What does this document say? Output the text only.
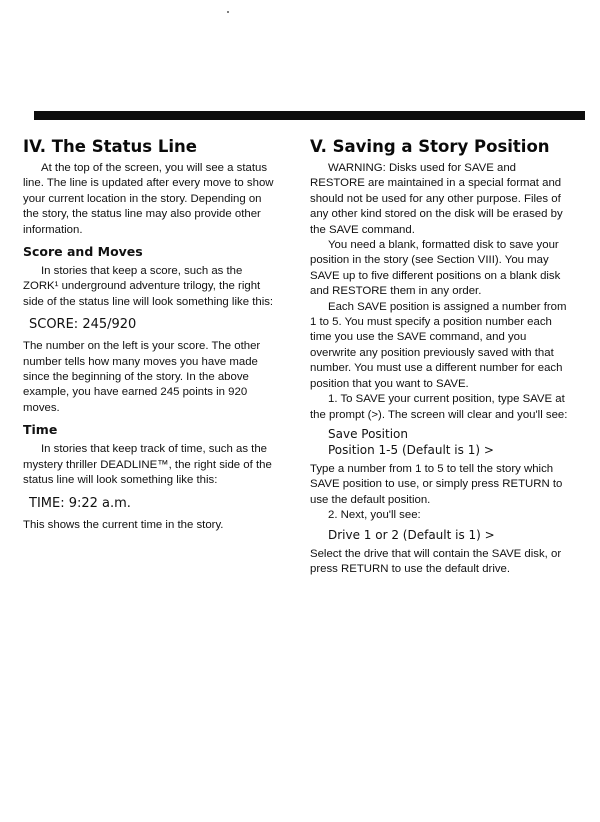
IV. The Status Line

At the top of the screen, you will see a status line. The line is updated after every move to show your current location in the story. Depending on the story, the status line may also provide other information.

Score and Moves

In stories that keep a score, such as the ZORK¹ underground adventure trilogy, the right side of the status line will look something like this:

SCORE: 245/920

The number on the left is your score. The other number tells how many moves you have made since the beginning of the story. In the above example, you have earned 245 points in 920 moves.

Time

In stories that keep track of time, such as the mystery thriller DEADLINE™, the right side of the status line will look something like this:

TIME: 9:22 a.m.

This shows the current time in the story.

V. Saving a Story Position

WARNING: Disks used for SAVE and RESTORE are maintained in a special format and should not be used for any other purpose. Files of any other kind stored on the disk will be erased by the SAVE command.

You need a blank, formatted disk to save your position in the story (see Section VIII). You may SAVE up to five different positions on a blank disk and RESTORE them in any order.

Each SAVE position is assigned a number from 1 to 5. You must specify a position number each time you use the SAVE command, and you overwrite any position previously saved with that number. You must use a different number for each position that you want to SAVE.

1. To SAVE your current position, type SAVE at the prompt (>). The screen will clear and you'll see:

Save Position
Position 1-5 (Default is 1) >

Type a number from 1 to 5 to tell the story which SAVE position to use, or simply press RETURN to use the default position.

2. Next, you'll see:

Drive 1 or 2 (Default is 1) >

Select the drive that will contain the SAVE disk, or press RETURN to use the default drive.
